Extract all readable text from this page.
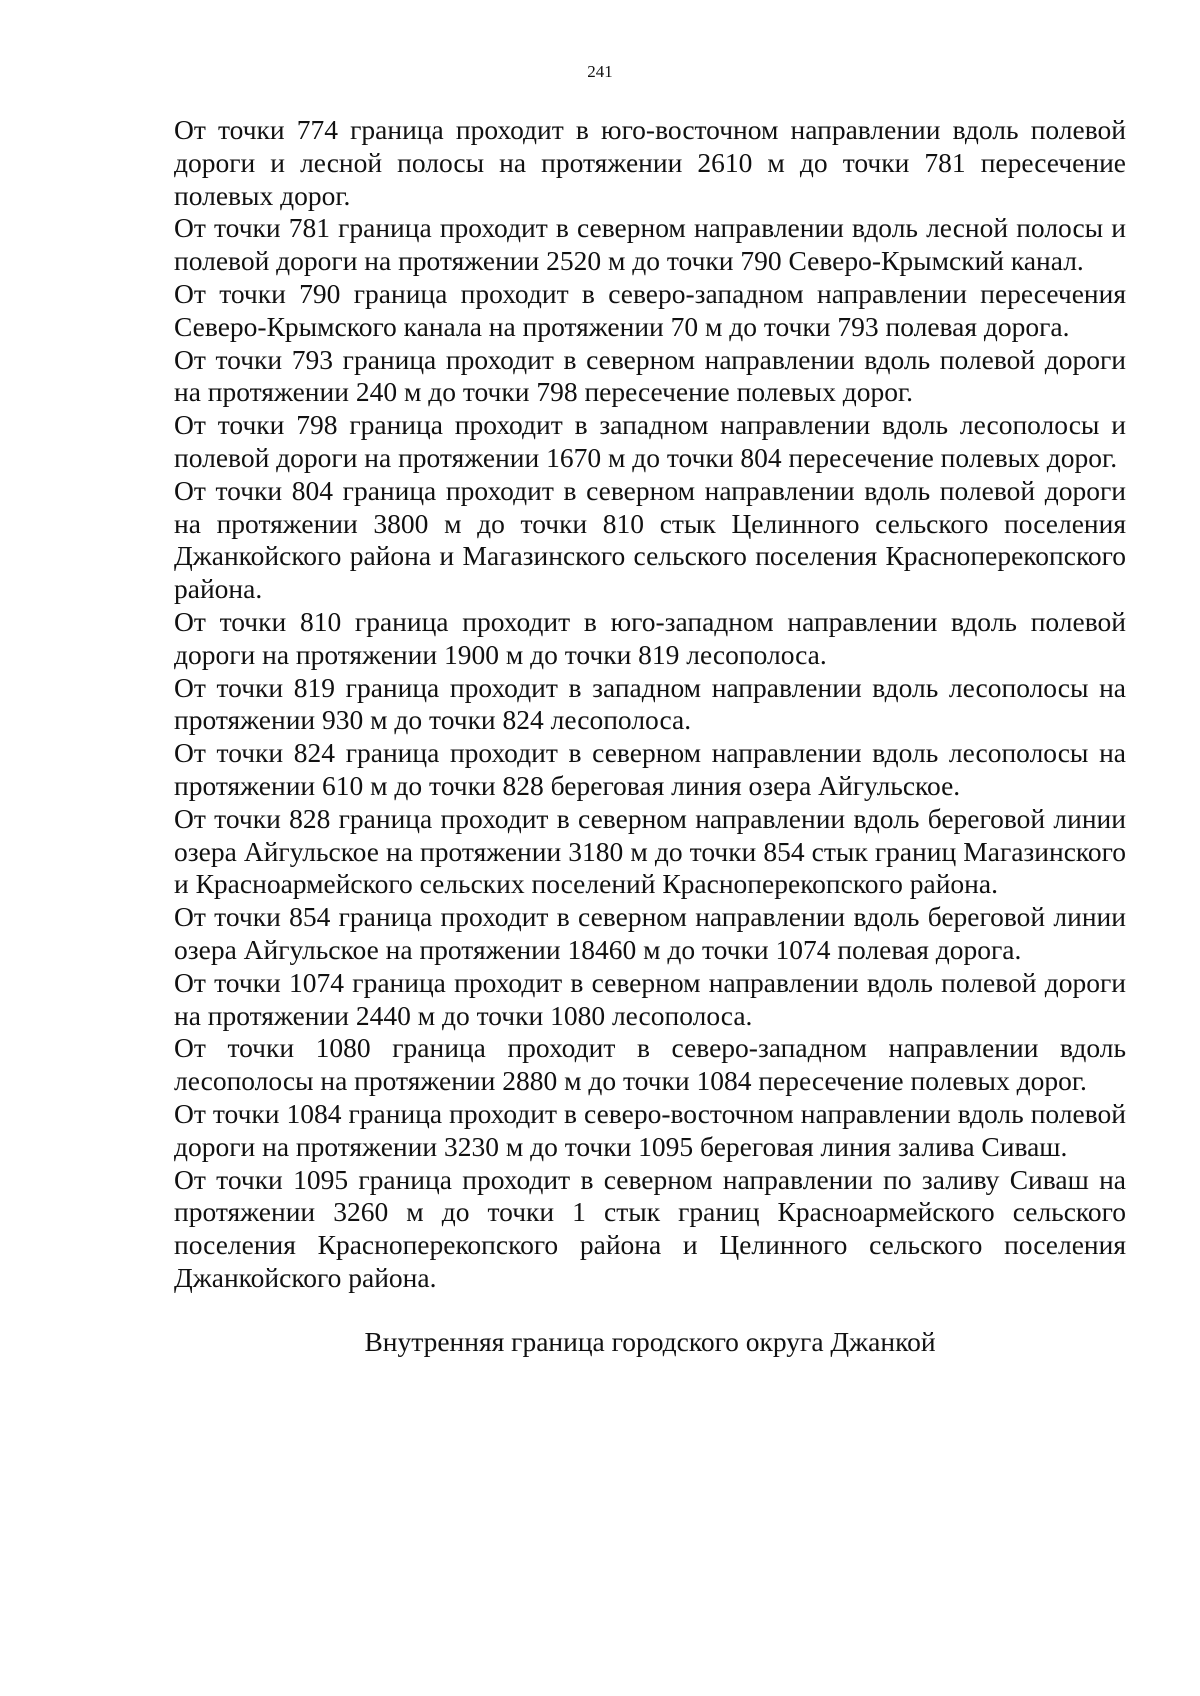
241

От точки 774 граница проходит в юго-восточном направлении вдоль полевой дороги и лесной полосы на протяжении 2610 м до точки 781 пересечение полевых дорог.

От точки 781 граница проходит в северном направлении вдоль лесной полосы и полевой дороги на протяжении 2520 м до точки 790 Северо-Крымский канал.

От точки 790 граница проходит в северо-западном направлении пересечения Северо-Крымского канала на протяжении 70 м до точки 793 полевая дорога.

От точки 793 граница проходит в северном направлении вдоль полевой дороги на протяжении 240 м до точки 798 пересечение полевых дорог.

От точки 798 граница проходит в западном направлении вдоль лесополосы и полевой дороги на протяжении 1670 м до точки 804 пересечение полевых дорог.

От точки 804 граница проходит в северном направлении вдоль полевой дороги на протяжении 3800 м до точки 810 стык Целинного сельского поселения Джанкойского района и Магазинского сельского поселения Красноперекопского района.

От точки 810 граница проходит в юго-западном направлении вдоль полевой дороги на протяжении 1900 м до точки 819 лесополоса.

От точки 819 граница проходит в западном направлении вдоль лесополосы на протяжении 930 м до точки 824 лесополоса.

От точки 824 граница проходит в северном направлении вдоль лесополосы на протяжении 610 м до точки 828 береговая линия озера Айгульское.

От точки 828 граница проходит в северном направлении вдоль береговой линии озера Айгульское на протяжении 3180 м до точки 854 стык границ Магазинского и Красноармейского сельских поселений Красноперекопского района.

От точки 854 граница проходит в северном направлении вдоль береговой линии озера Айгульское на протяжении 18460 м до точки 1074 полевая дорога.

От точки 1074 граница проходит в северном направлении вдоль полевой дороги на протяжении 2440 м до точки 1080 лесополоса.

От точки 1080 граница проходит в северо-западном направлении вдоль лесополосы на протяжении 2880 м до точки 1084 пересечение полевых дорог.

От точки 1084 граница проходит в северо-восточном направлении вдоль полевой дороги на протяжении 3230 м до точки 1095 береговая линия залива Сиваш.

От точки 1095 граница проходит в северном направлении по заливу Сиваш на протяжении 3260 м до точки 1 стык границ Красноармейского сельского поселения Красноперекопского района и Целинного сельского поселения Джанкойского района.

Внутренняя граница городского округа Джанкой
